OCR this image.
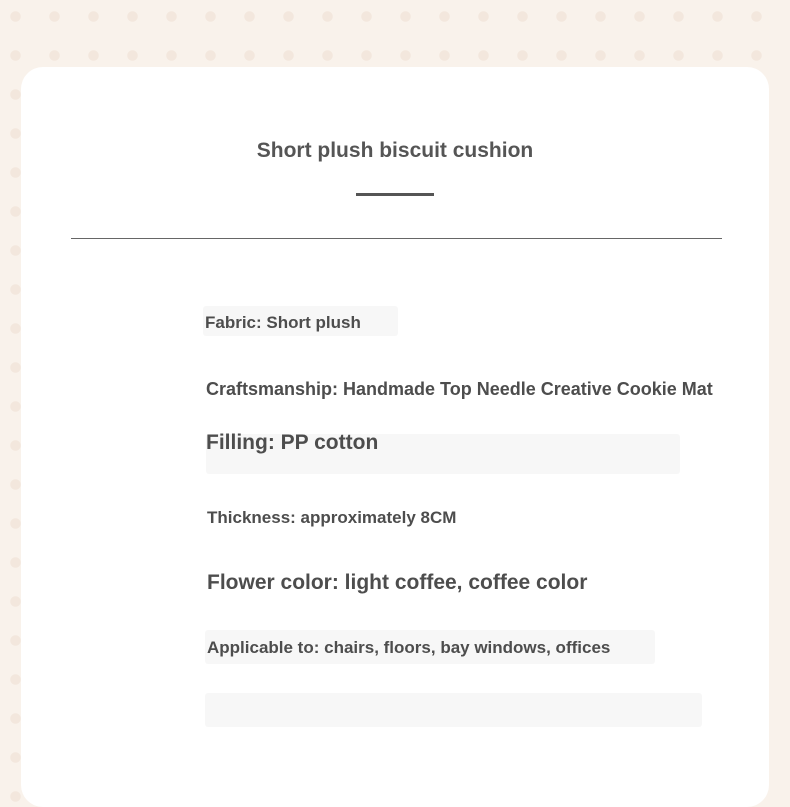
Short plush biscuit cushion
Fabric: Short plush
Craftsmanship: Handmade Top Needle Creative Cookie Mat
Filling: PP cotton
Thickness: approximately 8CM
Flower color: light coffee, coffee color
Applicable to: chairs, floors, bay windows, offices
